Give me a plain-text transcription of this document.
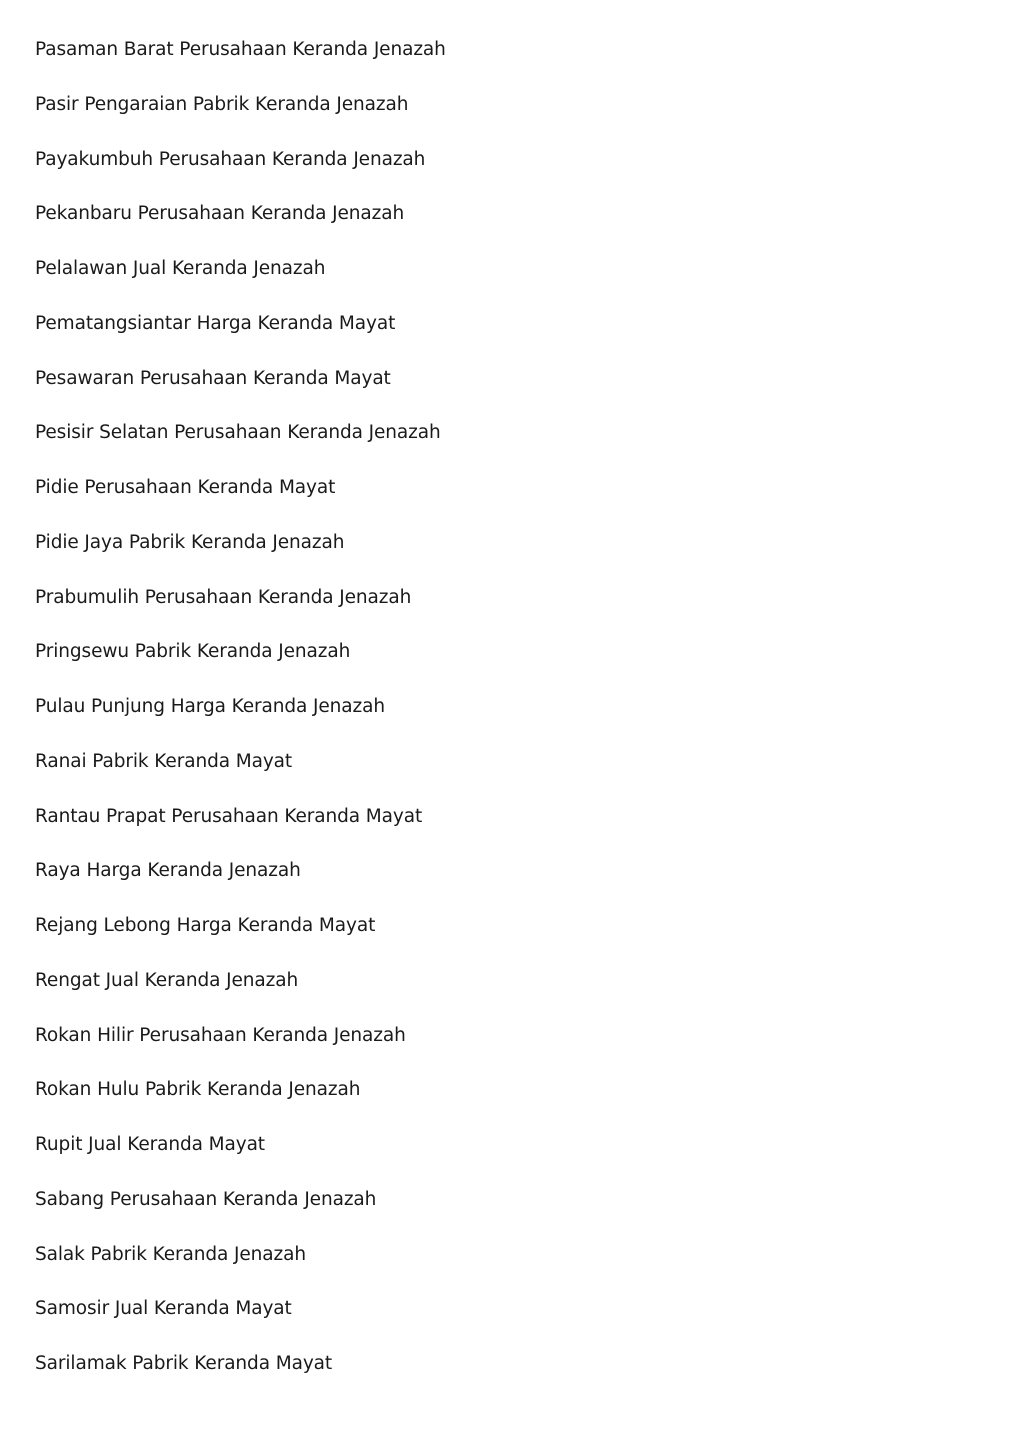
Pasaman Barat Perusahaan Keranda Jenazah
Pasir Pengaraian Pabrik Keranda Jenazah
Payakumbuh Perusahaan Keranda Jenazah
Pekanbaru Perusahaan Keranda Jenazah
Pelalawan Jual Keranda Jenazah
Pematangsiantar Harga Keranda Mayat
Pesawaran Perusahaan Keranda Mayat
Pesisir Selatan Perusahaan Keranda Jenazah
Pidie Perusahaan Keranda Mayat
Pidie Jaya Pabrik Keranda Jenazah
Prabumulih Perusahaan Keranda Jenazah
Pringsewu Pabrik Keranda Jenazah
Pulau Punjung Harga Keranda Jenazah
Ranai Pabrik Keranda Mayat
Rantau Prapat Perusahaan Keranda Mayat
Raya Harga Keranda Jenazah
Rejang Lebong Harga Keranda Mayat
Rengat Jual Keranda Jenazah
Rokan Hilir Perusahaan Keranda Jenazah
Rokan Hulu Pabrik Keranda Jenazah
Rupit Jual Keranda Mayat
Sabang Perusahaan Keranda Jenazah
Salak Pabrik Keranda Jenazah
Samosir Jual Keranda Mayat
Sarilamak Pabrik Keranda Mayat
